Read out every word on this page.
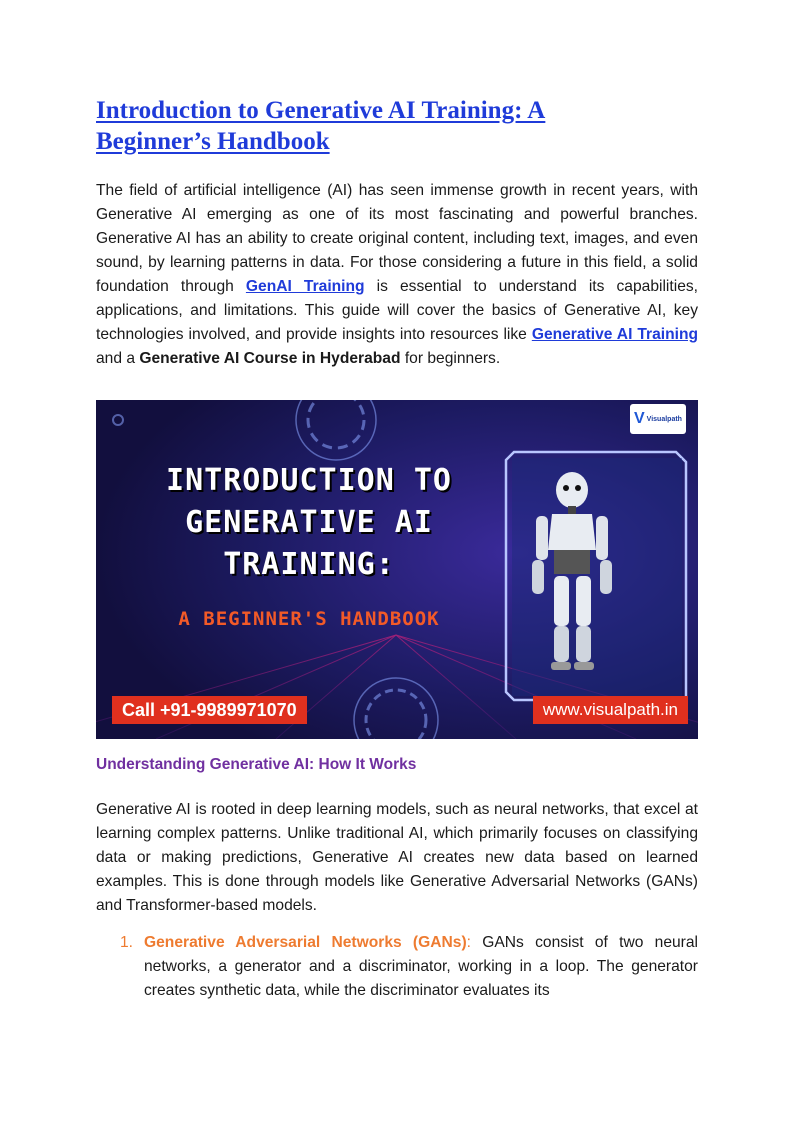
Introduction to Generative AI Training: A
Beginner’s Handbook

The field of artificial intelligence (AI) has seen immense growth in recent years, with Generative AI emerging as one of its most fascinating and powerful branches. Generative AI has an ability to create original content, including text, images, and even sound, by learning patterns in data. For those considering a future in this field, a solid foundation through GenAI Training is essential to understand its capabilities, applications, and limitations. This guide will cover the basics of Generative AI, key technologies involved, and provide insights into resources like Generative AI Training and a Generative AI Course in Hyderabad for beginners.

V Visualpath
INTRODUCTION TO
GENERATIVE AI
TRAINING:
A BEGINNER'S HANDBOOK
Call +91-9989971070	www.visualpath.in
Understanding Generative AI: How It Works

Generative AI is rooted in deep learning models, such as neural networks, that excel at learning complex patterns. Unlike traditional AI, which primarily focuses on classifying data or making predictions, Generative AI creates new data based on learned examples. This is done through models like Generative Adversarial Networks (GANs) and Transformer-based models.

1. Generative Adversarial Networks (GANs): GANs consist of two neural networks, a generator and a discriminator, working in a loop. The generator creates synthetic data, while the discriminator evaluates its
